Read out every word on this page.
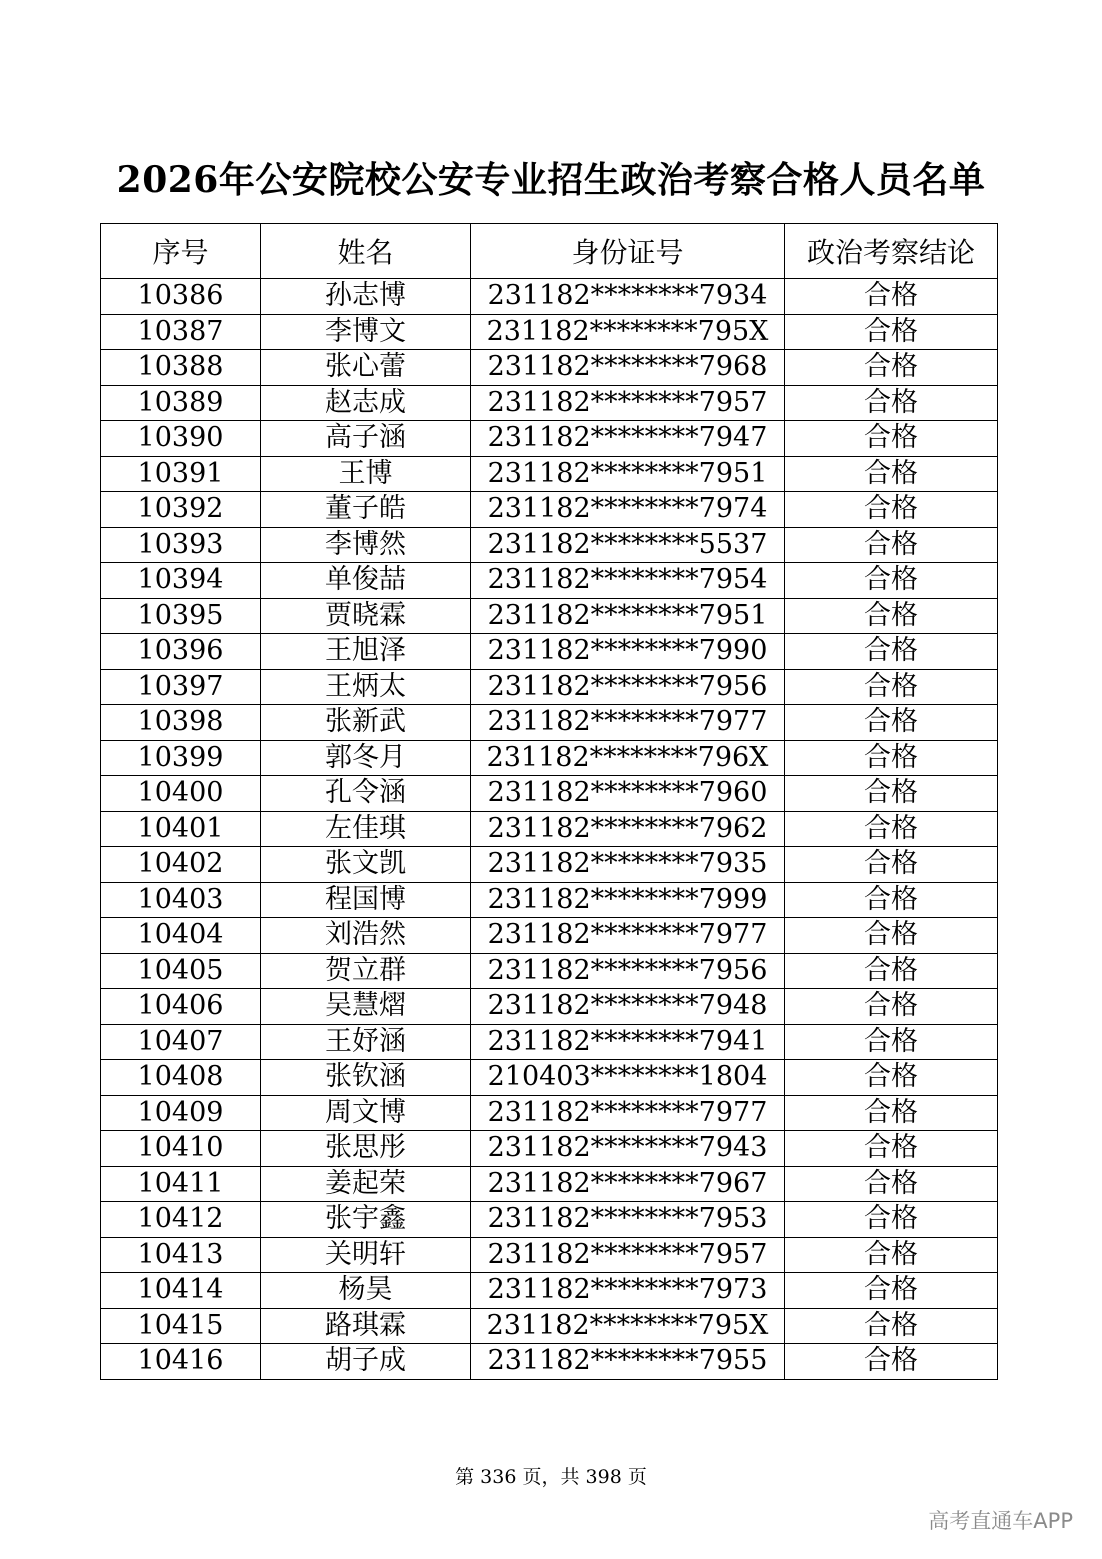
2026年公安院校公安专业招生政治考察合格人员名单
序号	姓名	身份证号	政治考察结论
10386	孙志博	231182********7934	合格
10387	李博文	231182********795X	合格
10388	张心蕾	231182********7968	合格
10389	赵志成	231182********7957	合格
10390	高子涵	231182********7947	合格
10391	王博	231182********7951	合格
10392	董子皓	231182********7974	合格
10393	李博然	231182********5537	合格
10394	单俊喆	231182********7954	合格
10395	贾晓霖	231182********7951	合格
10396	王旭泽	231182********7990	合格
10397	王炳太	231182********7956	合格
10398	张新武	231182********7977	合格
10399	郭冬月	231182********796X	合格
10400	孔令涵	231182********7960	合格
10401	左佳琪	231182********7962	合格
10402	张文凯	231182********7935	合格
10403	程国博	231182********7999	合格
10404	刘浩然	231182********7977	合格
10405	贺立群	231182********7956	合格
10406	吴慧熠	231182********7948	合格
10407	王妤涵	231182********7941	合格
10408	张钦涵	210403********1804	合格
10409	周文博	231182********7977	合格
10410	张思彤	231182********7943	合格
10411	姜起荣	231182********7967	合格
10412	张宇鑫	231182********7953	合格
10413	关明轩	231182********7957	合格
10414	杨昊	231182********7973	合格
10415	路琪霖	231182********795X	合格
10416	胡子成	231182********7955	合格
第 336 页，共 398 页
高考直通车APP
